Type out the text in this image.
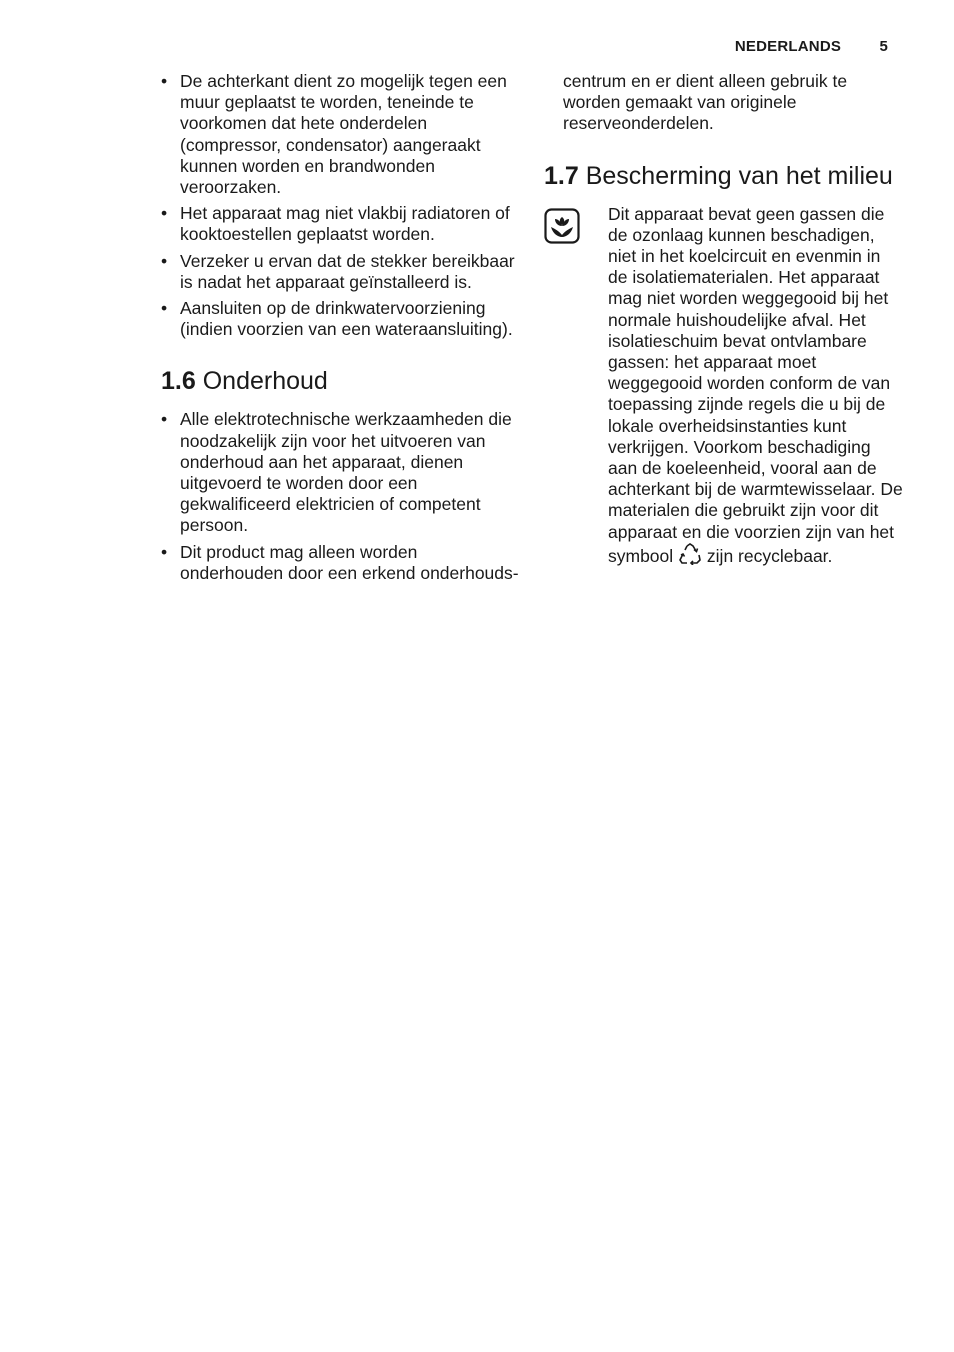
NEDERLANDS	5
• De achterkant dient zo mogelijk tegen een muur geplaatst te worden, teneinde te voorkomen dat hete onderdelen (compressor, condensator) aangeraakt kunnen worden en brandwonden veroorzaken.
• Het apparaat mag niet vlakbij radiatoren of kooktoestellen geplaatst worden.
• Verzeker u ervan dat de stekker bereikbaar is nadat het apparaat geïnstalleerd is.
• Aansluiten op de drinkwatervoorziening (indien voorzien van een wateraansluiting).
1.6 Onderhoud
• Alle elektrotechnische werkzaamheden die noodzakelijk zijn voor het uitvoeren van onderhoud aan het apparaat, dienen uitgevoerd te worden door een gekwalificeerd elektricien of competent persoon.
• Dit product mag alleen worden onderhouden door een erkend onderhouds-

centrum en er dient alleen gebruik te worden gemaakt van originele reserveonderdelen.

1.7 Bescherming van het milieu
Dit apparaat bevat geen gassen die de ozonlaag kunnen beschadigen, niet in het koelcircuit en evenmin in de isolatiematerialen. Het apparaat mag niet worden weggegooid bij het normale huishoudelijke afval. Het isolatieschuim bevat ontvlambare gassen: het apparaat moet weggegooid worden conform de van toepassing zijnde regels die u bij de lokale overheidsinstanties kunt verkrijgen. Voorkom beschadiging aan de koeleenheid, vooral aan de achterkant bij de warmtewisselaar. De materialen die gebruikt zijn voor dit apparaat en die voorzien zijn van het symbool zijn recyclebaar.
